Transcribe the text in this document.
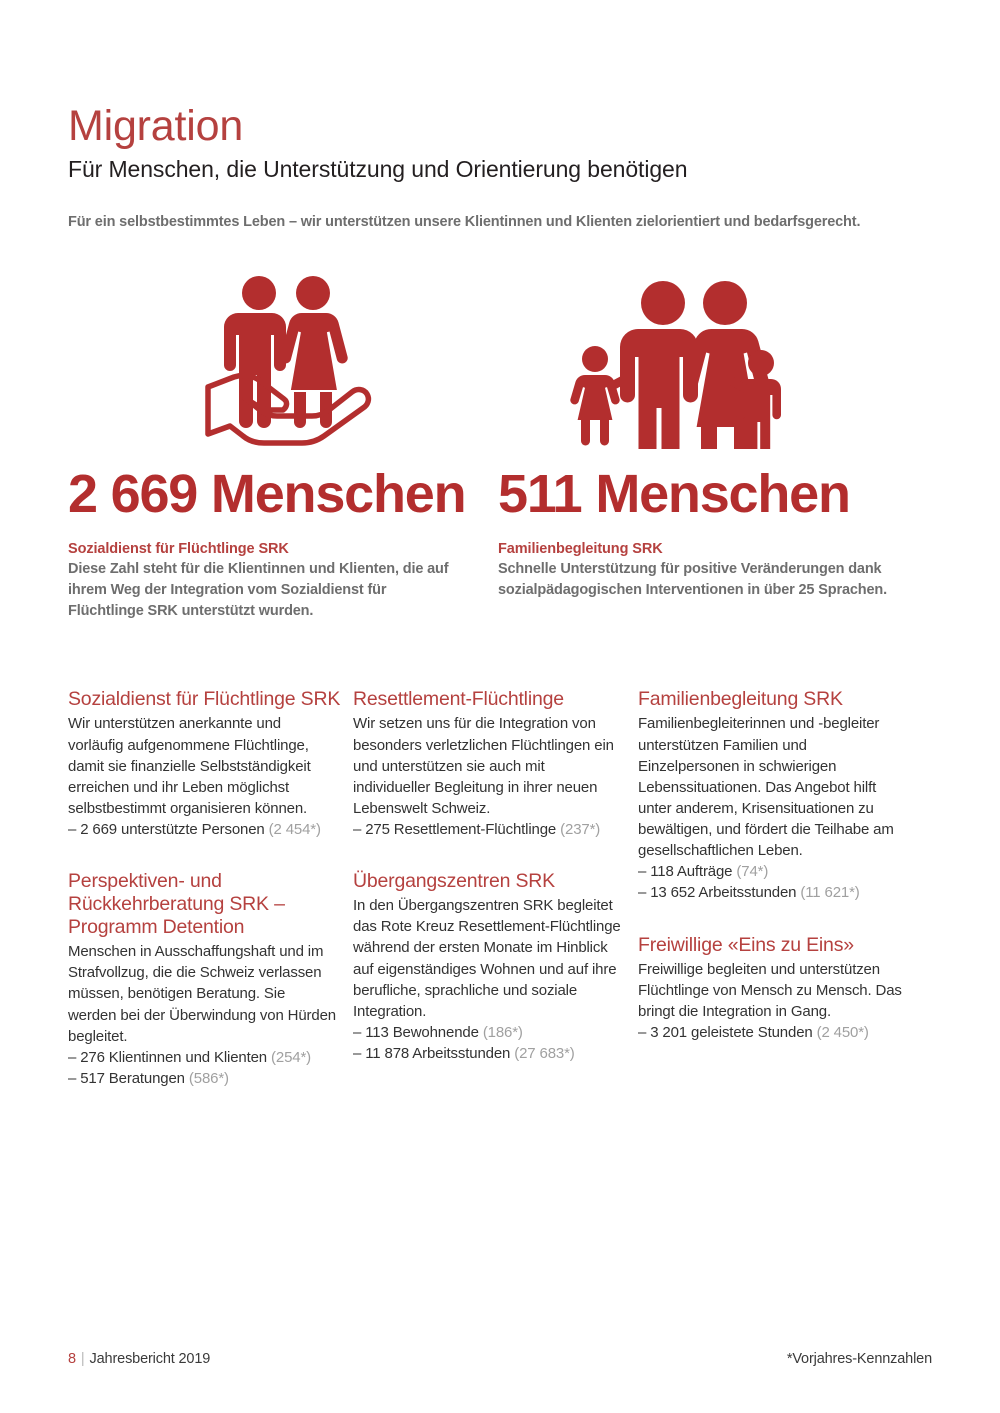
Migration
Für Menschen, die Unterstützung und Orientierung benötigen
Für ein selbstbestimmtes Leben – wir unterstützen unsere Klientinnen und Klienten zielorientiert und bedarfsgerecht.
2 669 Menschen
Sozialdienst für Flüchtlinge SRK
Diese Zahl steht für die Klientinnen und Klienten, die auf ihrem Weg der Integration vom Sozialdienst für Flüchtlinge SRK unterstützt wurden.
511 Menschen
Familienbegleitung SRK
Schnelle Unterstützung für positive Veränderungen dank sozialpädagogischen Interventionen in über 25 Sprachen.
Sozialdienst für Flüchtlinge SRK
Wir unterstützen anerkannte und vorläufig aufgenommene Flüchtlinge, damit sie finanzielle Selbstständigkeit erreichen und ihr Leben möglichst selbstbestimmt organisieren können.
– 2 669 unterstützte Personen (2 454*)
Perspektiven- und Rückkehrberatung SRK – Programm Detention
Menschen in Ausschaffungshaft und im Strafvollzug, die die Schweiz verlassen müssen, benötigen Beratung. Sie werden bei der Überwindung von Hürden begleitet.
– 276 Klientinnen und Klienten (254*)
– 517 Beratungen (586*)
Resettlement-Flüchtlinge
Wir setzen uns für die Integration von besonders verletzlichen Flüchtlingen ein und unterstützen sie auch mit individueller Begleitung in ihrer neuen Lebenswelt Schweiz.
– 275 Resettlement-Flüchtlinge (237*)
Übergangszentren SRK
In den Übergangszentren SRK begleitet das Rote Kreuz Resettlement-Flüchtlinge während der ersten Monate im Hinblick auf eigenständiges Wohnen und auf ihre berufliche, sprachliche und soziale Integration.
– 113 Bewohnende (186*)
– 11 878 Arbeitsstunden (27 683*)
Familienbegleitung SRK
Familienbegleiterinnen und -begleiter unterstützen Familien und Einzelpersonen in schwierigen Lebenssituationen. Das Angebot hilft unter anderem, Krisensituationen zu bewältigen, und fördert die Teilhabe am gesellschaftlichen Leben.
– 118 Aufträge (74*)
– 13 652 Arbeitsstunden (11 621*)
Freiwillige «Eins zu Eins»
Freiwillige begleiten und unterstützen Flüchtlinge von Mensch zu Mensch. Das bringt die Integration in Gang.
– 3 201 geleistete Stunden (2 450*)
8 | Jahresbericht 2019	*Vorjahres-Kennzahlen
